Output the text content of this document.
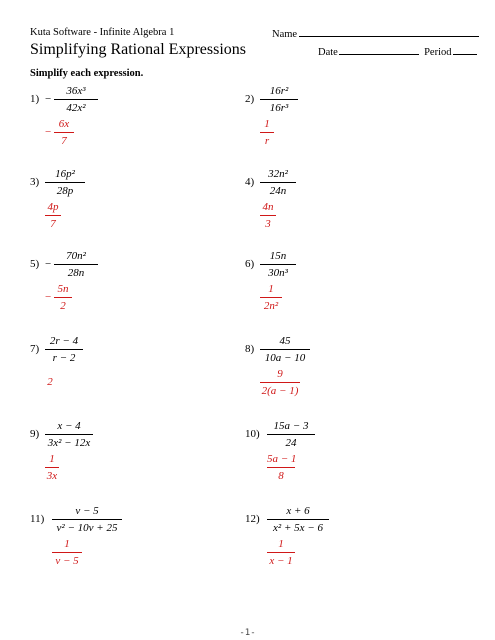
Kuta Software - Infinite Algebra 1	Name
Simplifying Rational Expressions	Date	Period
Simplify each expression.
1) −
36x³
42x²
−
6x
7
2)
16r²
16r³
1
r
3)
16p²
28p
4p
7
4)
32n²
24n
4n
3
5) −
70n²
28n
−
5n
2
6)
15n
30n³
1
2n²
7)
2r − 4
r − 2
2
8)
45
10a − 10
9
2(a − 1)
9)
x − 4
3x² − 12x
1
3x
10)
15a − 3
24
5a − 1
8
11)
v − 5
v² − 10v + 25
1
v − 5
12)
x + 6
x² + 5x − 6
1
x − 1
-1-
